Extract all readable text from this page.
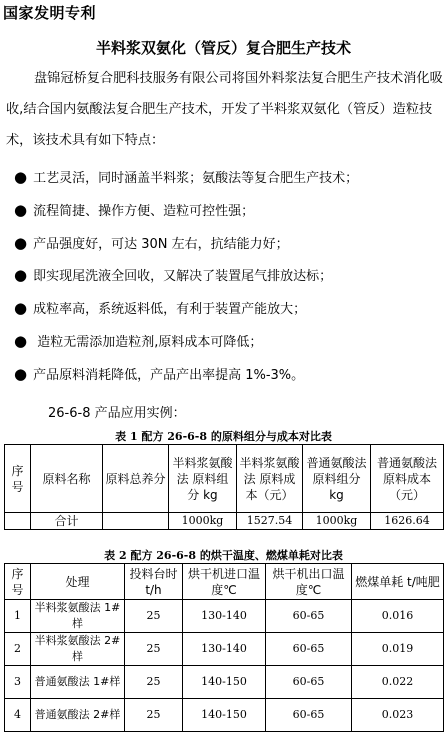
国家发明专利
半料浆双氨化（管反）复合肥生产技术
盘锦冠桥复合肥科技服务有限公司将国外料浆法复合肥生产技术消化吸收,结合国内氨酸法复合肥生产技术，开发了半料浆双氨化（管反）造粒技术，该技术具有如下特点：
● 工艺灵活，同时涵盖半料浆；氨酸法等复合肥生产技术；
● 流程简捷、操作方便、造粒可控性强；
● 产品强度好，可达 30N 左右，抗结能力好；
● 即实现尾洗液全回收，又解决了装置尾气排放达标；
● 成粒率高，系统返料低，有利于装置产能放大；
● 造粒无需添加造粒剂,原料成本可降低；
● 产品原料消耗降低，产品产出率提高 1%-3%。
26-6-8 产品应用实例：
表 1 配方 26-6-8 的原料组分与成本对比表
序号	原料名称	原料总养分	半料浆氨酸法 原料组分 kg	半料浆氨酸法 原料成本（元）	普通氨酸法 原料组分 kg	普通氨酸法 原料成本（元）
	合计		1000kg	1527.54	1000kg	1626.64
表 2 配方 26-6-8 的烘干温度、燃煤单耗对比表
序号	处理	投料台时 t/h	烘干机进口温度℃	烘干机出口温度℃	燃煤单耗 t/吨肥
1	半料浆氨酸法 1#样	25	130-140	60-65	0.016
2	半料浆氨酸法 2#样	25	130-140	60-65	0.019
3	普通氨酸法 1#样	25	140-150	60-65	0.022
4	普通氨酸法 2#样	25	140-150	60-65	0.023
